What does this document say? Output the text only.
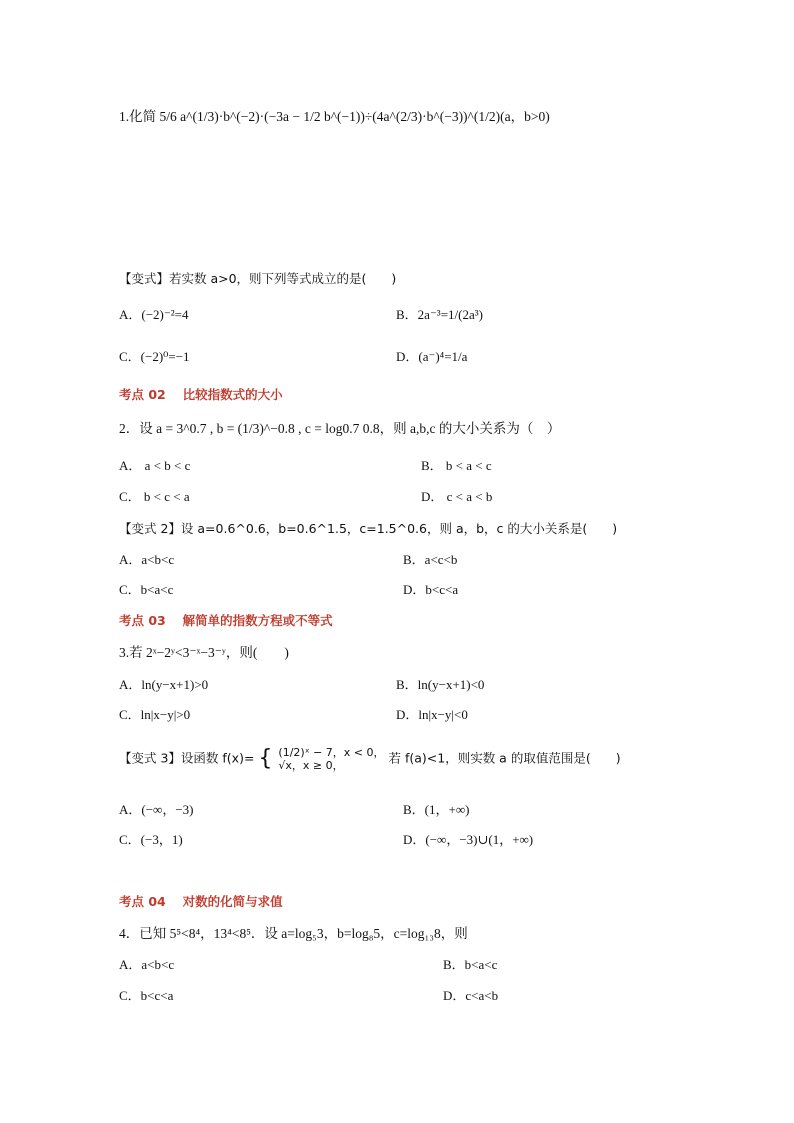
1.化简 5/6 a^(1/3)·b^(−2)·(−3a − 1/2 b^(−1))÷(4a^(2/3)·b^(−3))^(1/2)(a，b>0)
【变式】若实数 a>0，则下列等式成立的是(　　)
A．(−2)⁻²=4	B．2a⁻³=1/(2a³)
C．(−2)⁰=−1	D．(a⁻)⁴=1/a
考点 02　 比较指数式的大小
2．设 a = 3^0.7 , b = (1/3)^−0.8 , c = log0.7 0.8，则 a,b,c 的大小关系为（　）
A． a < b < c	B． b < a < c
C． b < c < a	D． c < a < b
【变式 2】设 a=0.6^0.6，b=0.6^1.5，c=1.5^0.6，则 a，b，c 的大小关系是(　　)
A．a<b<c	B．a<c<b
C．b<a<c	D．b<c<a
考点 03　 解简单的指数方程或不等式
3.若 2ˣ−2ʸ<3⁻ˣ−3⁻ʸ，则(　　)
A．ln(y−x+1)>0	B．ln(y−x+1)<0
C．ln|x−y|>0	D．ln|x−y|<0
【变式 3】设函数 f(x)= { (1/2)ˣ − 7，x < 0，
√x，x ≥ 0，	若 f(a)<1，则实数 a 的取值范围是(　　)
A．(−∞，−3)	B．(1，+∞)
C．(−3，1)	D．(−∞，−3)∪(1，+∞)
考点 04　 对数的化简与求值
4．已知 5⁵<8⁴，13⁴<8⁵．设 a=log₅3，b=log₈5，c=log₁₃8，则
A．a<b<c	B．b<a<c
C．b<c<a	D．c<a<b
